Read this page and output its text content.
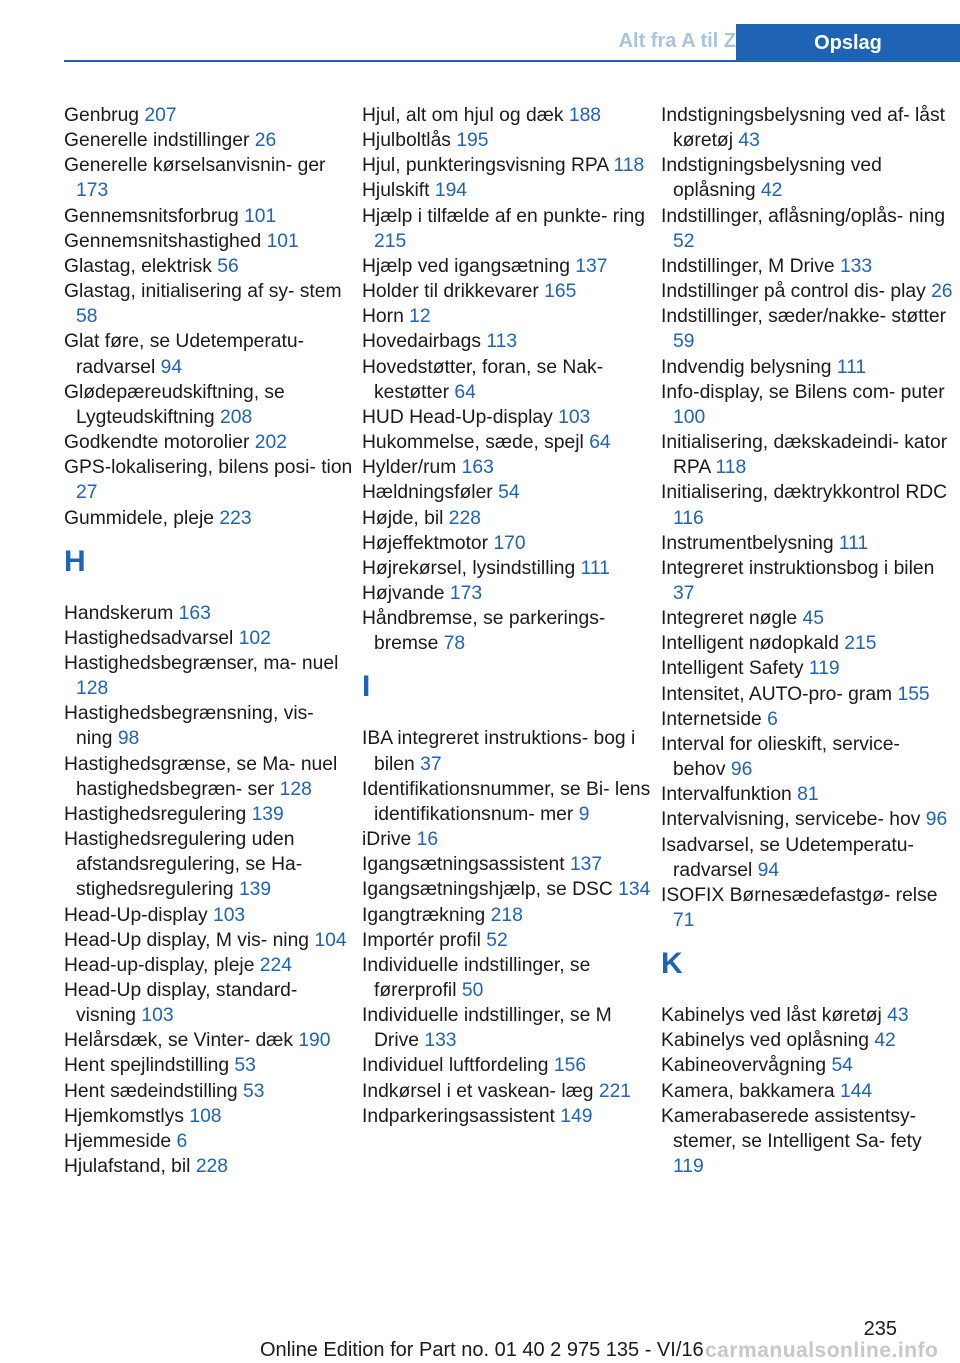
Alt fra A til Z	Opslag
Genbrug 207
Generelle indstillinger 26
Generelle kørselsanvisnin‐ ger 173
Gennemsnitsforbrug 101
Gennemsnitshastighed 101
Glastag, elektrisk 56
Glastag, initialisering af sy‐ stem 58
Glat føre, se Udetemperatu‐ radvarsel 94
Glødepæreudskiftning, se Lygteudskiftning 208
Godkendte motorolier 202
GPS-lokalisering, bilens posi‐ tion 27
Gummidele, pleje 223
H
Handskerum 163
Hastighedsadvarsel 102
Hastighedsbegrænser, ma‐ nuel 128
Hastighedsbegrænsning, vis‐ ning 98
Hastighedsgrænse, se Ma‐ nuel hastighedsbegræn‐ ser 128
Hastighedsregulering 139
Hastighedsregulering uden afstandsregulering, se Ha‐ stighedsregulering 139
Head-Up-display 103
Head-Up display, M vis‐ ning 104
Head-up-display, pleje 224
Head-Up display, standard‐ visning 103
Helårsdæk, se Vinter‐ dæk 190
Hent spejlindstilling 53
Hent sædeindstilling 53
Hjemkomstlys 108
Hjemmeside 6
Hjulafstand, bil 228
Hjul, alt om hjul og dæk 188
Hjulboltlås 195
Hjul, punkteringsvisning RPA 118
Hjulskift 194
Hjælp i tilfælde af en punkte‐ ring 215
Hjælp ved igangsætning 137
Holder til drikkevarer 165
Horn 12
Hovedairbags 113
Hovedstøtter, foran, se Nak‐ kestøtter 64
HUD Head-Up-display 103
Hukommelse, sæde, spejl 64
Hylder/rum 163
Hældningsføler 54
Højde, bil 228
Højeffektmotor 170
Højrekørsel, lysindstilling 111
Højvande 173
Håndbremse, se parkerings‐ bremse 78
I
IBA integreret instruktions‐ bog i bilen 37
Identifikationsnummer, se Bi‐ lens identifikationsnum‐ mer 9
iDrive 16
Igangsætningsassistent 137
Igangsætningshjælp, se DSC 134
Igangtrækning 218
Importér profil 52
Individuelle indstillinger, se førerprofil 50
Individuelle indstillinger, se M Drive 133
Individuel luftfordeling 156
Indkørsel i et vaskean‐ læg 221
Indparkeringsassistent 149
Indstigningsbelysning ved af‐ låst køretøj 43
Indstigningsbelysning ved oplåsning 42
Indstillinger, aflåsning/oplås‐ ning 52
Indstillinger, M Drive 133
Indstillinger på control dis‐ play 26
Indstillinger, sæder/nakke‐ støtter 59
Indvendig belysning 111
Info-display, se Bilens com‐ puter 100
Initialisering, dækskadeindi‐ kator RPA 118
Initialisering, dæktrykkontrol RDC 116
Instrumentbelysning 111
Integreret instruktionsbog i bilen 37
Integreret nøgle 45
Intelligent nødopkald 215
Intelligent Safety 119
Intensitet, AUTO-pro‐ gram 155
Internetside 6
Interval for olieskift, service‐ behov 96
Intervalfunktion 81
Intervalvisning, servicebe‐ hov 96
Isadvarsel, se Udetemperatu‐ radvarsel 94
ISOFIX Børnesædefastgø‐ relse 71
K
Kabinelys ved låst køretøj 43
Kabinelys ved oplåsning 42
Kabineovervågning 54
Kamera, bakkamera 144
Kamerabaserede assistentsy‐ stemer, se Intelligent Sa‐ fety 119
235
Online Edition for Part no. 01 40 2 975 135 - VI/16 carmanualsonline.info
